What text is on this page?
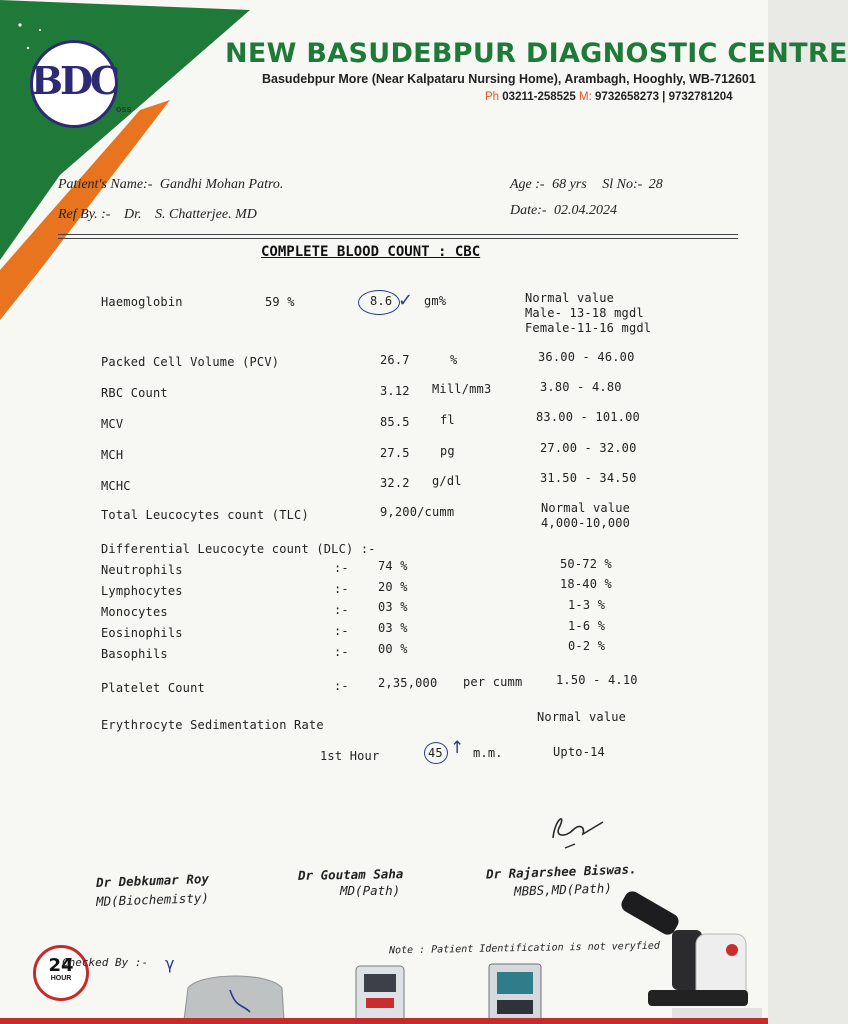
BDC
oss
NEW BASUDEBPUR DIAGNOSTIC CENTRE
Basudebpur More (Near Kalpataru Nursing Home), Arambagh, Hooghly, WB-712601
Ph 03211-258525 M: 9732658273 | 9732781204
Patient's Name:- Gandhi Mohan Patro.
Ref By. :- Dr. S. Chatterjee. MD
Age :- 68 yrs Sl No:- 28
Date:- 02.04.2024
COMPLETE BLOOD COUNT : CBC
Haemoglobin	59 %	8.6 ✓ gm%	Normal value
Male- 13-18 mgdl
Female-11-16 mgdl
Packed Cell Volume (PCV)	26.7	%	36.00 - 46.00
RBC Count	3.12 Mill/mm3	3.80 - 4.80
MCV	85.5	fl	83.00 - 101.00
MCH	27.5	pg	27.00 - 32.00
MCHC	32.2 g/dl	31.50 - 34.50
Total Leucocytes count (TLC)	9,200/cumm	Normal value
4,000-10,000
Differential Leucocyte count (DLC) :-
Neutrophils	:- 74 %	50-72 %
Lymphocytes	:- 20 %	18-40 %
Monocytes	:- 03 %	1-3 %
Eosinophils	:- 03 %	1-6 %
Basophils	:- 00 %	0-2 %
Platelet Count	:- 2,35,000 per cumm	1.50 - 4.10
Erythrocyte Sedimentation Rate
Normal value
1st Hour	45 ↑ m.m.	Upto-14
Dr Debkumar Roy
MD(Biochemisty)
Dr Goutam Saha
MD(Path)
Dr Rajarshee Biswas.
MBBS,MD(Path)
24
HOUR
Checked By :- γ
Note : Patient Identification is not veryfied
